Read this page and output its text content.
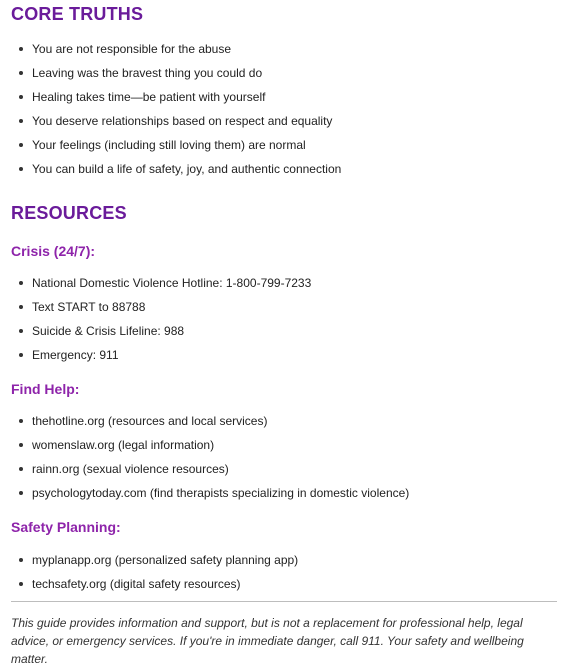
CORE TRUTHS
You are not responsible for the abuse
Leaving was the bravest thing you could do
Healing takes time—be patient with yourself
You deserve relationships based on respect and equality
Your feelings (including still loving them) are normal
You can build a life of safety, joy, and authentic connection
RESOURCES
Crisis (24/7):
National Domestic Violence Hotline: 1-800-799-7233
Text START to 88788
Suicide & Crisis Lifeline: 988
Emergency: 911
Find Help:
thehotline.org (resources and local services)
womenslaw.org (legal information)
rainn.org (sexual violence resources)
psychologytoday.com (find therapists specializing in domestic violence)
Safety Planning:
myplanapp.org (personalized safety planning app)
techsafety.org (digital safety resources)

This guide provides information and support, but is not a replacement for professional help, legal advice, or emergency services. If you're in immediate danger, call 911. Your safety and wellbeing matter.
